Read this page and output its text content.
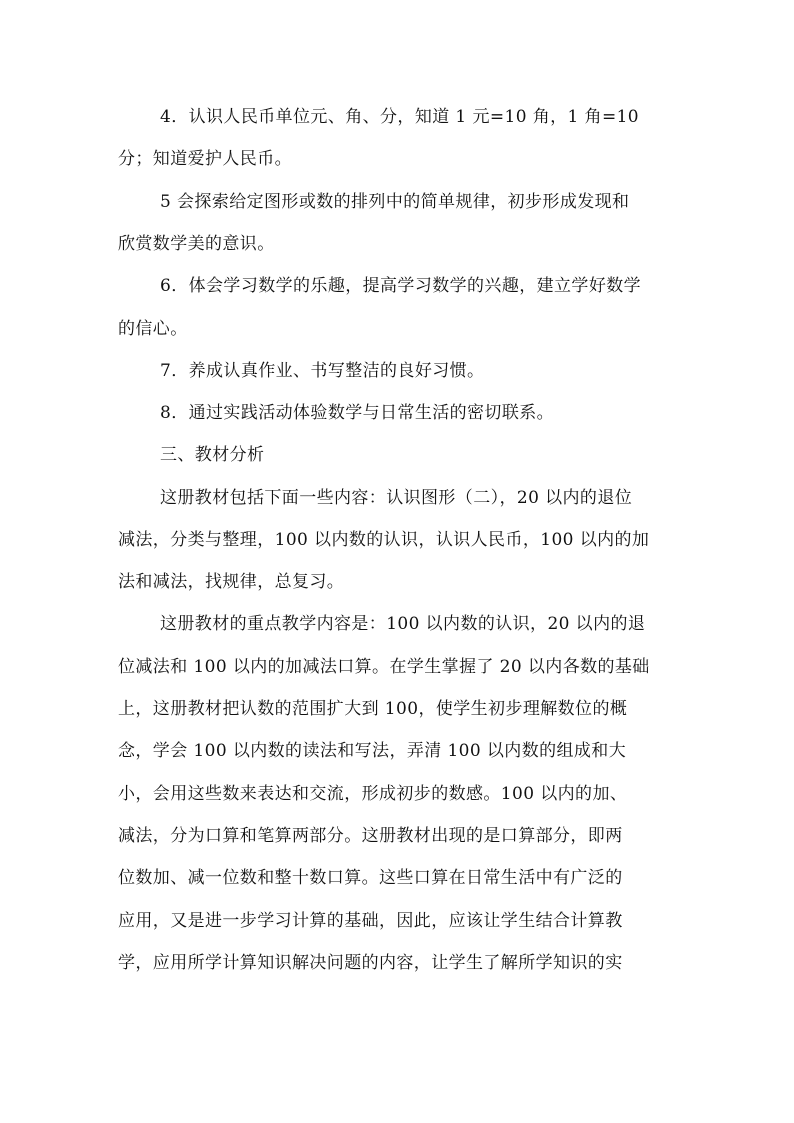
4．认识人民币单位元、角、分，知道 1 元=10 角，1 角=10
分；知道爱护人民币。
5 会探索给定图形或数的排列中的简单规律，初步形成发现和
欣赏数学美的意识。
6．体会学习数学的乐趣，提高学习数学的兴趣，建立学好数学
的信心。
7．养成认真作业、书写整洁的良好习惯。
8．通过实践活动体验数学与日常生活的密切联系。
三、教材分析
这册教材包括下面一些内容：认识图形（二），20 以内的退位
减法，分类与整理，100 以内数的认识，认识人民币，100 以内的加
法和减法，找规律，总复习。
这册教材的重点教学内容是：100 以内数的认识，20 以内的退
位减法和 100 以内的加减法口算。在学生掌握了 20 以内各数的基础
上，这册教材把认数的范围扩大到 100，使学生初步理解数位的概
念，学会 100 以内数的读法和写法，弄清 100 以内数的组成和大
小，会用这些数来表达和交流，形成初步的数感。100 以内的加、
减法，分为口算和笔算两部分。这册教材出现的是口算部分，即两
位数加、减一位数和整十数口算。这些口算在日常生活中有广泛的
应用，又是进一步学习计算的基础，因此，应该让学生结合计算教
学，应用所学计算知识解决问题的内容，让学生了解所学知识的实
